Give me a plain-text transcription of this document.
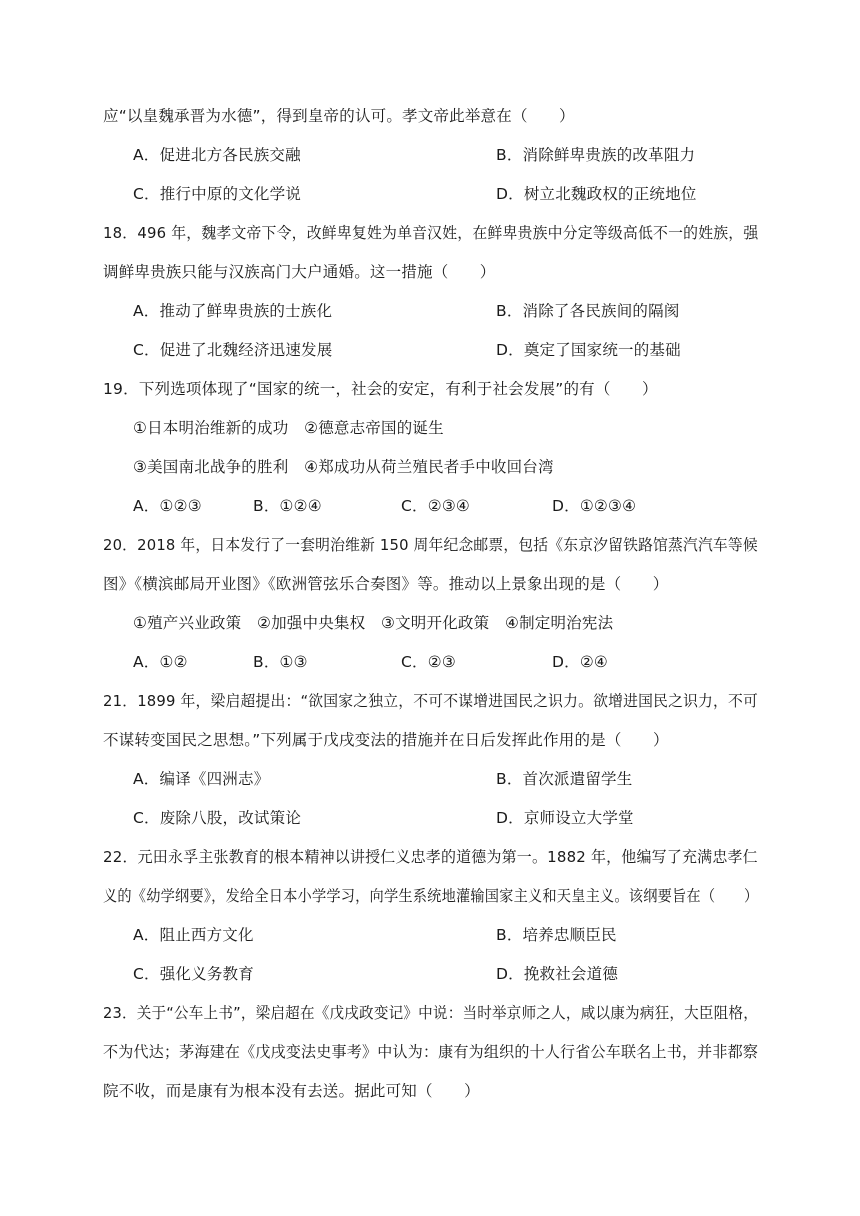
应“以皇魏承晋为水德”，得到皇帝的认可。孝文帝此举意在（　　）
A．促进北方各民族交融	B．消除鲜卑贵族的改革阻力
C．推行中原的文化学说	D．树立北魏政权的正统地位
18．496 年，魏孝文帝下令，改鲜卑复姓为单音汉姓，在鲜卑贵族中分定等级高低不一的姓族，强
调鲜卑贵族只能与汉族高门大户通婚。这一措施（　　）
A．推动了鲜卑贵族的士族化	B．消除了各民族间的隔阂
C．促进了北魏经济迅速发展	D．奠定了国家统一的基础
19．下列选项体现了“国家的统一，社会的安定，有利于社会发展”的有（　　）
①日本明治维新的成功　②德意志帝国的诞生
③美国南北战争的胜利　④郑成功从荷兰殖民者手中收回台湾
A．①②③	B．①②④	C．②③④	D．①②③④
20．2018 年，日本发行了一套明治维新 150 周年纪念邮票，包括《东京汐留铁路馆蒸汽汽车等候
图》《横滨邮局开业图》《欧洲管弦乐合奏图》等。推动以上景象出现的是（　　）
①殖产兴业政策　②加强中央集权　③文明开化政策　④制定明治宪法
A．①②	B．①③	C．②③	D．②④
21．1899 年，梁启超提出：“欲国家之独立，不可不谋增进国民之识力。欲增进国民之识力，不可
不谋转变国民之思想。”下列属于戊戌变法的措施并在日后发挥此作用的是（　　）
A．编译《四洲志》	B．首次派遣留学生
C．废除八股，改试策论	D．京师设立大学堂
22．元田永孚主张教育的根本精神以讲授仁义忠孝的道德为第一。1882 年，他编写了充满忠孝仁
义的《幼学纲要》，发给全日本小学学习，向学生系统地灌输国家主义和天皇主义。该纲要旨在（　　）
A．阻止西方文化	B．培养忠顺臣民
C．强化义务教育	D．挽救社会道德
23．关于“公车上书”，梁启超在《戊戌政变记》中说：当时举京师之人，咸以康为病狂，大臣阻格，
不为代达；茅海建在《戊戌变法史事考》中认为：康有为组织的十人行省公车联名上书，并非都察
院不收，而是康有为根本没有去送。据此可知（　　）
